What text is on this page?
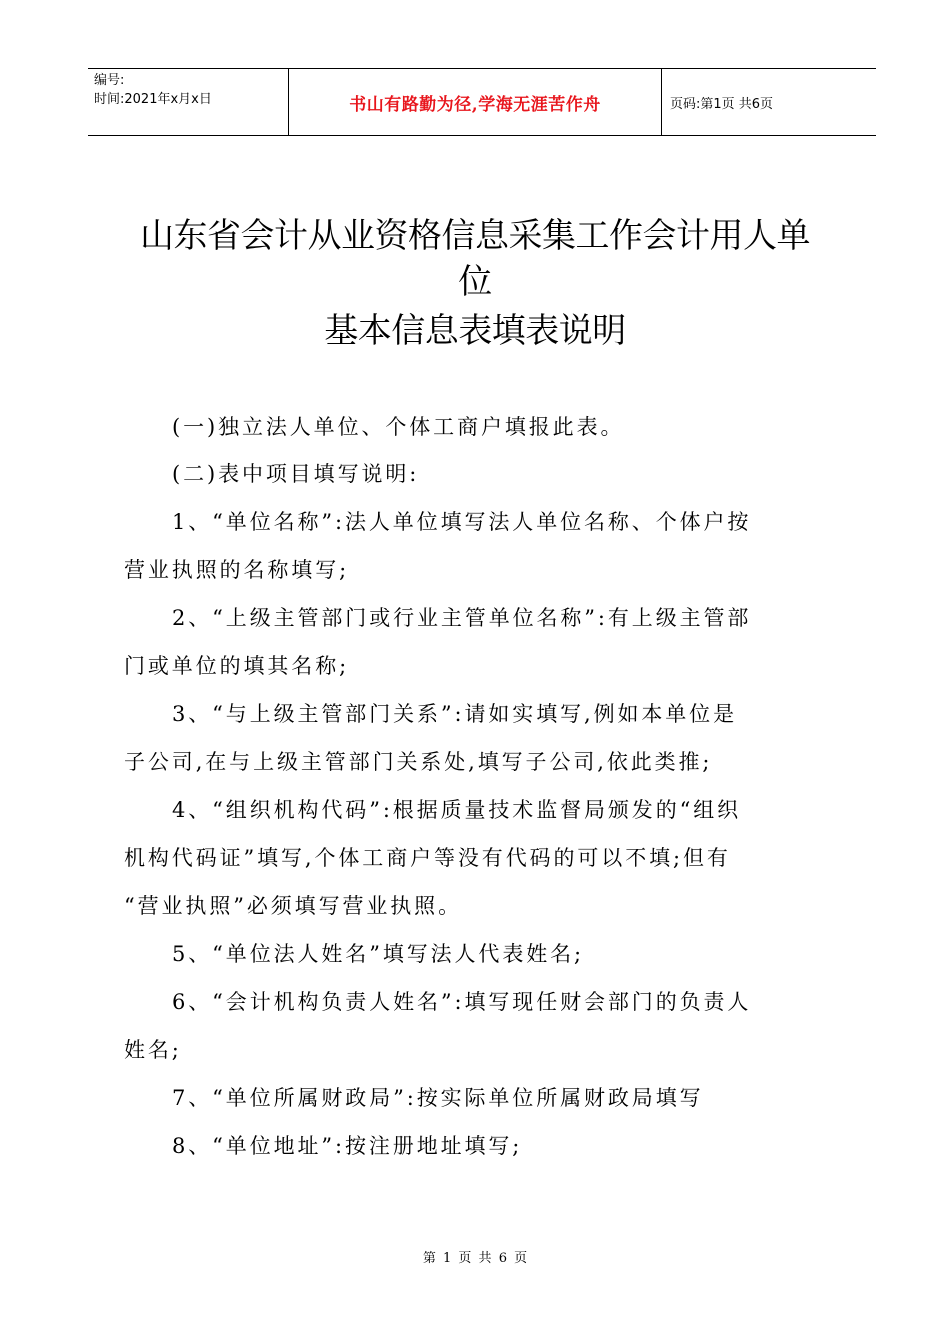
编号:
时间:2021年x月x日	书山有路勤为径,学海无涯苦作舟	页码:第1页 共6页
山东省会计从业资格信息采集工作会计用人单
位
基本信息表填表说明

(一)独立法人单位、个体工商户填报此表。

(二)表中项目填写说明:

1、“单位名称”:法人单位填写法人单位名称、个体户按

营业执照的名称填写;

2、“上级主管部门或行业主管单位名称”:有上级主管部

门或单位的填其名称;

3、“与上级主管部门关系”:请如实填写,例如本单位是

子公司,在与上级主管部门关系处,填写子公司,依此类推;

4、“组织机构代码”:根据质量技术监督局颁发的“组织

机构代码证”填写,个体工商户等没有代码的可以不填;但有

“营业执照”必须填写营业执照。

5、“单位法人姓名”填写法人代表姓名;

6、“会计机构负责人姓名”:填写现任财会部门的负责人

姓名;

7、“单位所属财政局”:按实际单位所属财政局填写

8、“单位地址”:按注册地址填写;

第 1 页 共 6 页
